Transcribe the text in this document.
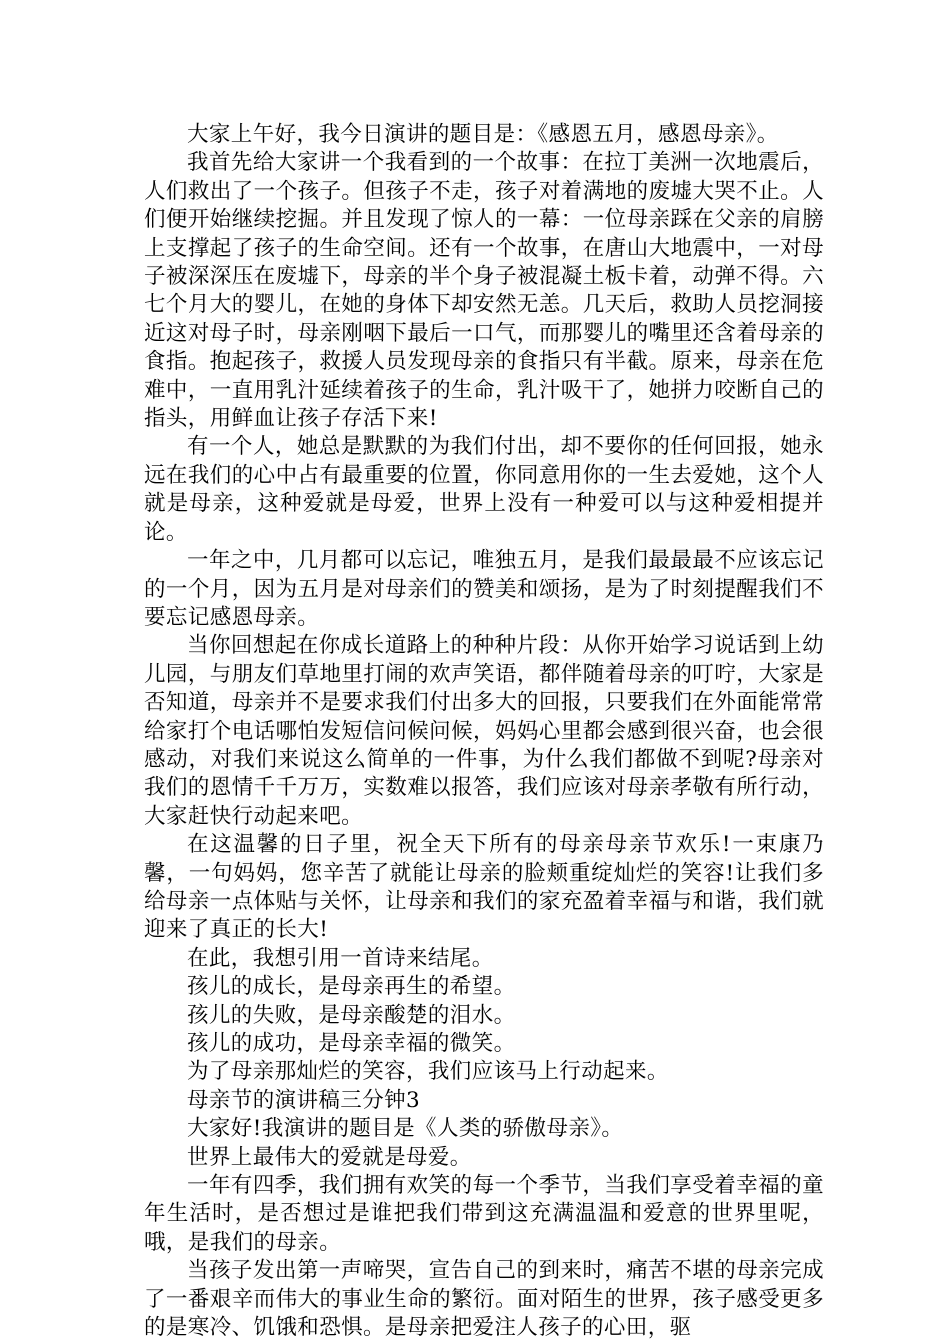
大家上午好，我今日演讲的题目是：《感恩五月，感恩母亲》。

我首先给大家讲一个我看到的一个故事：在拉丁美洲一次地震后，人们救出了一个孩子。但孩子不走，孩子对着满地的废墟大哭不止。人们便开始继续挖掘。并且发现了惊人的一幕：一位母亲踩在父亲的肩膀上支撑起了孩子的生命空间。还有一个故事，在唐山大地震中，一对母子被深深压在废墟下，母亲的半个身子被混凝土板卡着，动弹不得。六七个月大的婴儿，在她的身体下却安然无恙。几天后，救助人员挖洞接近这对母子时，母亲刚咽下最后一口气，而那婴儿的嘴里还含着母亲的食指。抱起孩子，救援人员发现母亲的食指只有半截。原来，母亲在危难中，一直用乳汁延续着孩子的生命，乳汁吸干了，她拼力咬断自己的指头，用鲜血让孩子存活下来!

有一个人，她总是默默的为我们付出，却不要你的任何回报，她永远在我们的心中占有最重要的位置，你同意用你的一生去爱她，这个人就是母亲，这种爱就是母爱，世界上没有一种爱可以与这种爱相提并论。

一年之中，几月都可以忘记，唯独五月，是我们最最最不应该忘记的一个月，因为五月是对母亲们的赞美和颂扬，是为了时刻提醒我们不要忘记感恩母亲。

当你回想起在你成长道路上的种种片段：从你开始学习说话到上幼儿园，与朋友们草地里打闹的欢声笑语，都伴随着母亲的叮咛，大家是否知道，母亲并不是要求我们付出多大的回报，只要我们在外面能常常给家打个电话哪怕发短信问候问候，妈妈心里都会感到很兴奋，也会很感动，对我们来说这么简单的一件事，为什么我们都做不到呢?母亲对我们的恩情千千万万，实数难以报答，我们应该对母亲孝敬有所行动，大家赶快行动起来吧。

在这温馨的日子里，祝全天下所有的母亲母亲节欢乐!一束康乃馨，一句妈妈，您辛苦了就能让母亲的脸颊重绽灿烂的笑容!让我们多给母亲一点体贴与关怀，让母亲和我们的家充盈着幸福与和谐，我们就迎来了真正的长大!

在此，我想引用一首诗来结尾。

孩儿的成长，是母亲再生的希望。

孩儿的失败，是母亲酸楚的泪水。

孩儿的成功，是母亲幸福的微笑。

为了母亲那灿烂的笑容，我们应该马上行动起来。

母亲节的演讲稿三分钟3

大家好!我演讲的题目是《人类的骄傲母亲》。

世界上最伟大的爱就是母爱。

一年有四季，我们拥有欢笑的每一个季节，当我们享受着幸福的童年生活时，是否想过是谁把我们带到这充满温温和爱意的世界里呢，哦，是我们的母亲。

当孩子发出第一声啼哭，宣告自己的到来时，痛苦不堪的母亲完成了一番艰辛而伟大的事业生命的繁衍。面对陌生的世界，孩子感受更多的是寒冷、饥饿和恐惧。是母亲把爱注人孩子的心田，驱
